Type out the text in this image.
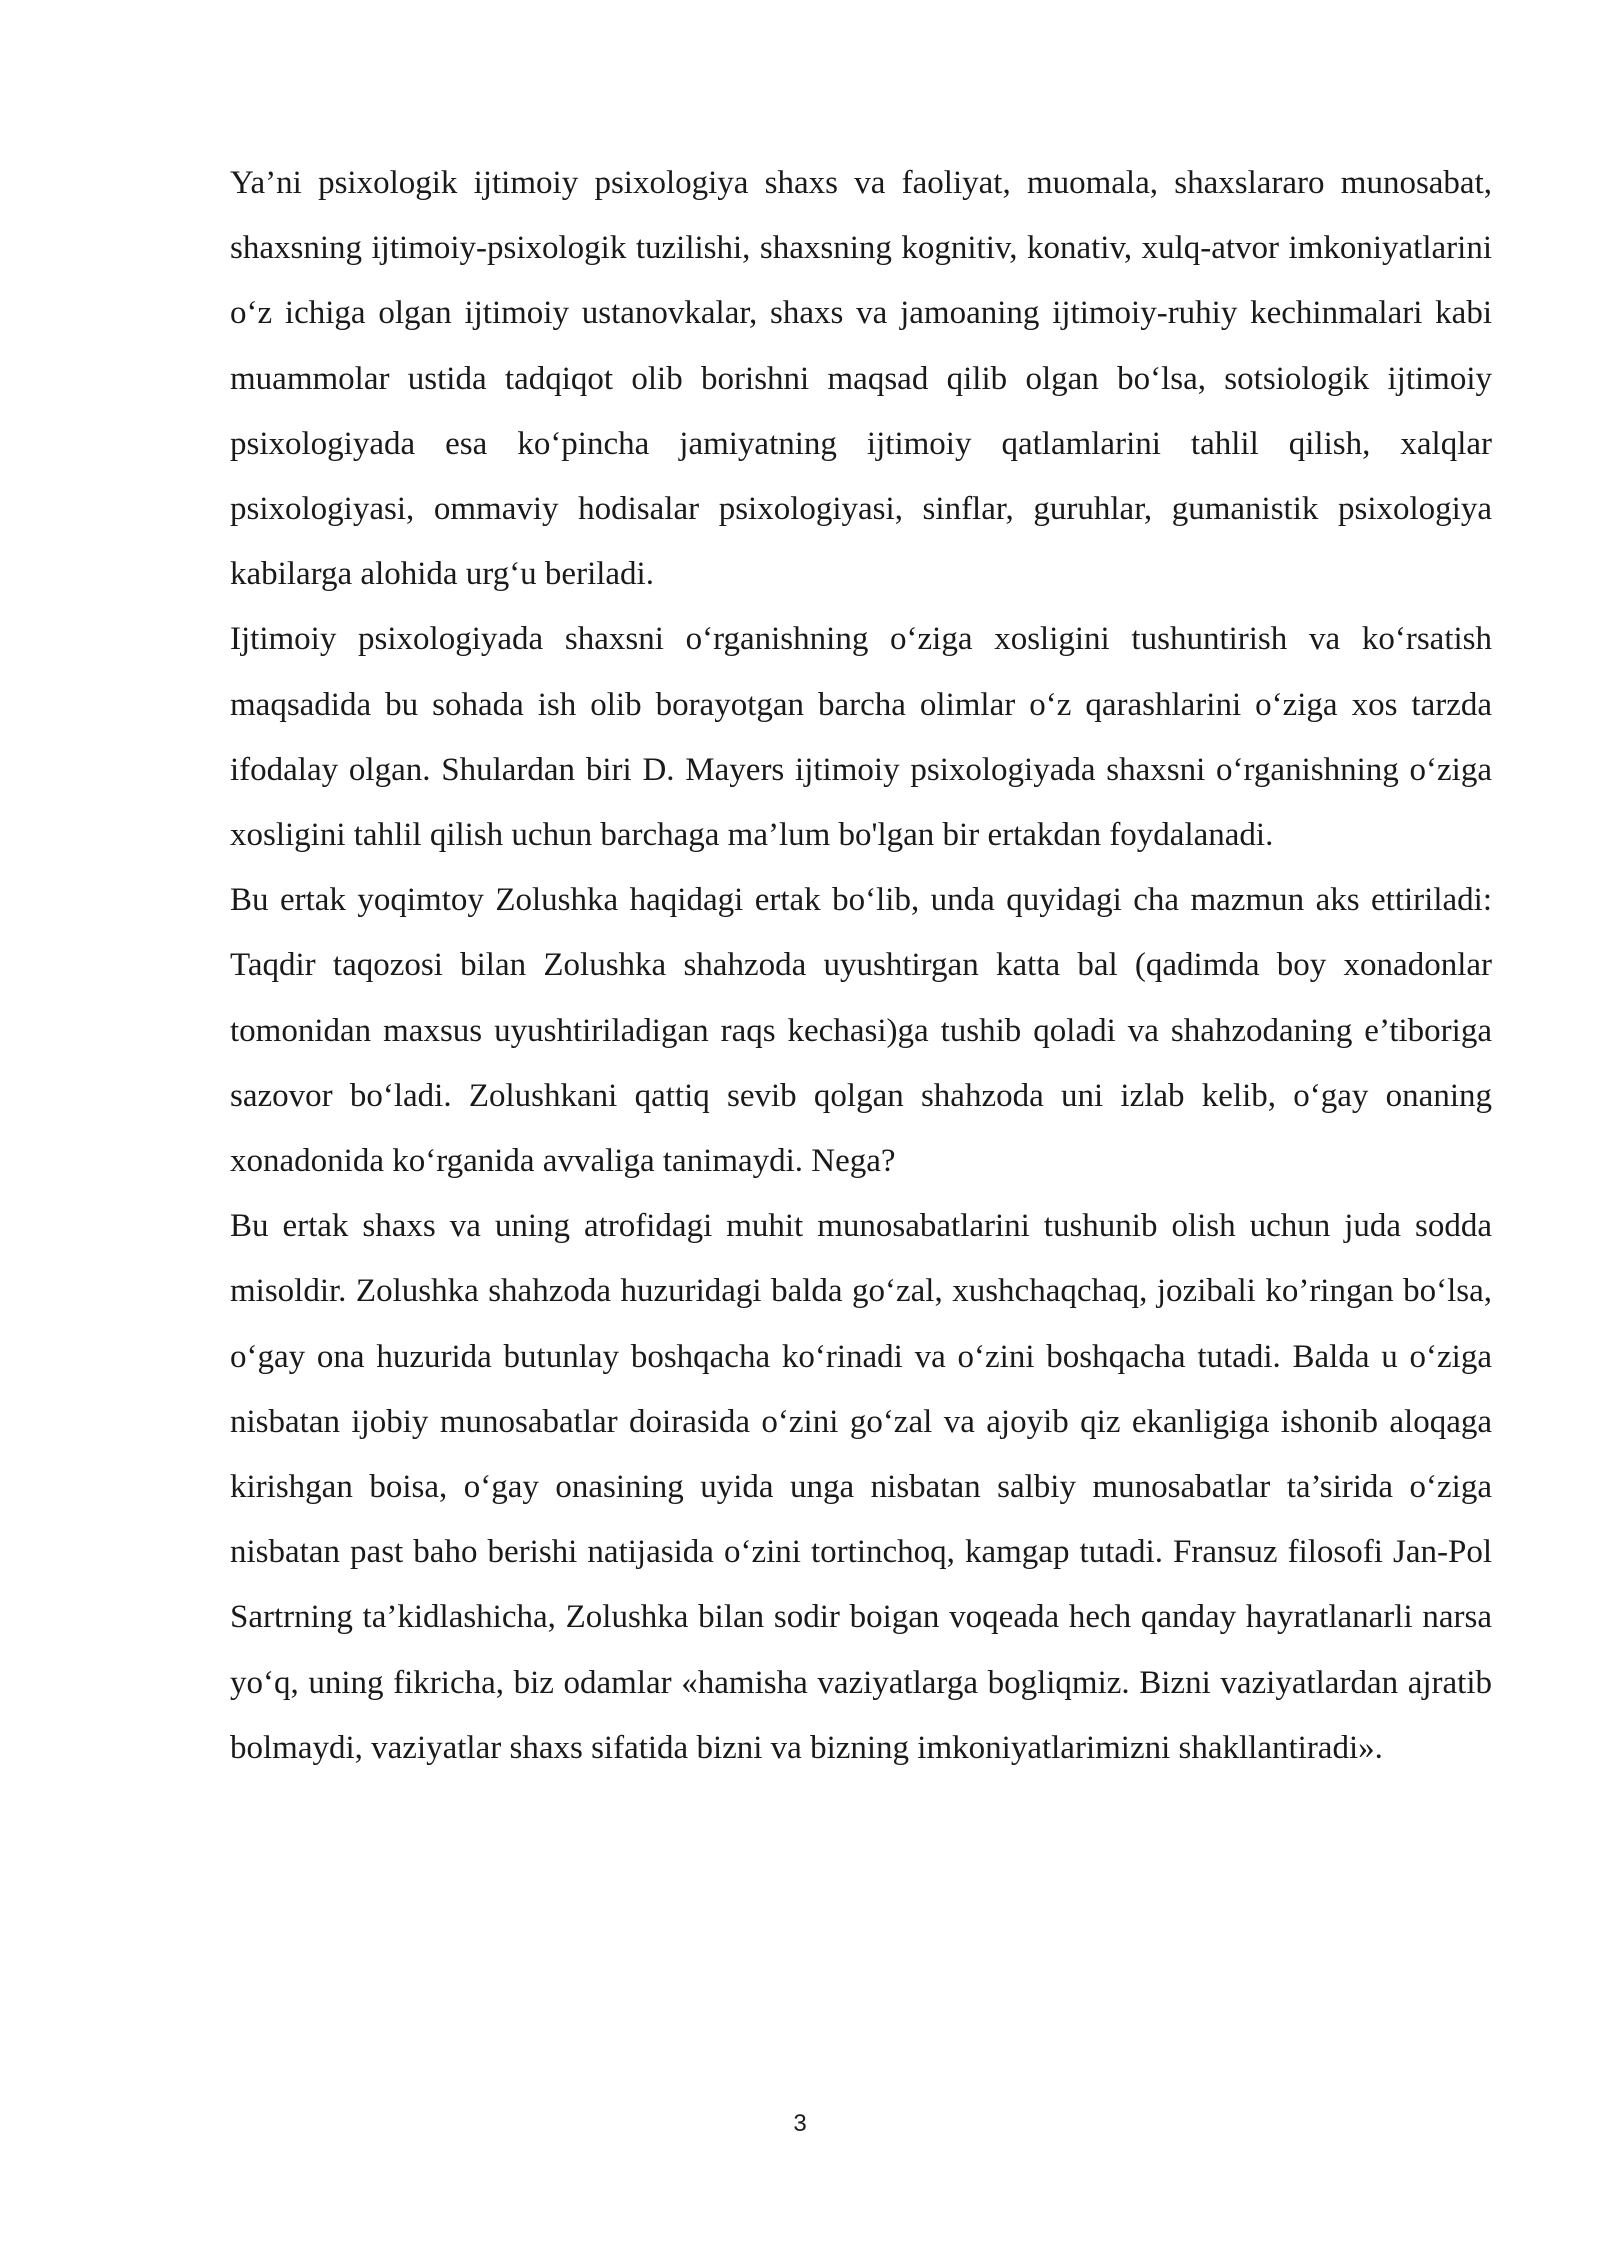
Ya’ni psixologik ijtimoiy psixologiya shaxs va faoliyat, muomala, shaxslararo munosabat, shaxsning ijtimoiy-psixologik tuzilishi, shaxsning kognitiv, konativ, xulq-atvor imkoniyatlarini o‘z ichiga olgan ijtimoiy ustanovkalar, shaxs va jamoaning ijtimoiy-ruhiy kechinmalari kabi muammolar ustida tadqiqot olib borishni maqsad qilib olgan bo‘lsa, sotsiologik ijtimoiy psixologiyada esa ko‘pincha jamiyatning ijtimoiy qatlamlarini tahlil qilish, xalqlar psixologiyasi, ommaviy hodisalar psixologiyasi, sinflar, guruhlar, gumanistik psixologiya kabilarga alohida urg‘u beriladi.

Ijtimoiy psixologiyada shaxsni o‘rganishning o‘ziga xosligini tushuntirish va ko‘rsatish maqsadida bu sohada ish olib borayotgan barcha olimlar o‘z qarashlarini o‘ziga xos tarzda ifodalay olgan. Shulardan biri D. Mayers ijtimoiy psixologiyada shaxsni o‘rganishning o‘ziga xosligini tahlil qilish uchun barchaga ma’lum bo'lgan bir ertakdan foydalanadi.

Bu ertak yoqimtoy Zolushka haqidagi ertak bo‘lib, unda quyidagi cha mazmun aks ettiriladi: Taqdir taqozosi bilan Zolushka shahzoda uyushtirgan katta bal (qadimda boy xonadonlar tomonidan maxsus uyushtiriladigan raqs kechasi)ga tushib qoladi va shahzodaning e’tiboriga sazovor bo‘ladi. Zolushkani qattiq sevib qolgan shahzoda uni izlab kelib, o‘gay onaning xonadonida ko‘rganida avvaliga tanimaydi. Nega?

Bu ertak shaxs va uning atrofidagi muhit munosabatlarini tushunib olish uchun juda sodda misoldir. Zolushka shahzoda huzuridagi balda go‘zal, xushchaqchaq, jozibali ko’ringan bo‘lsa, o‘gay ona huzurida butunlay boshqacha ko‘rinadi va o‘zini boshqacha tutadi. Balda u o‘ziga nisbatan ijobiy munosabatlar doirasida o‘zini go‘zal va ajoyib qiz ekanligiga ishonib aloqaga kirishgan boisa, o‘gay onasining uyida unga nisbatan salbiy munosabatlar ta’sirida o‘ziga nisbatan past baho berishi natijasida o‘zini tortinchoq, kamgap tutadi. Fransuz filosofi Jan-Pol Sartrning ta’kidlashicha, Zolushka bilan sodir boigan voqeada hech qanday hayratlanarli narsa yo‘q, uning fikricha, biz odamlar «hamisha vaziyatlarga bogliqmiz. Bizni vaziyatlardan ajratib bolmaydi, vaziyatlar shaxs sifatida bizni va bizning imkoniyatlarimizni shakllantiradi».

3
